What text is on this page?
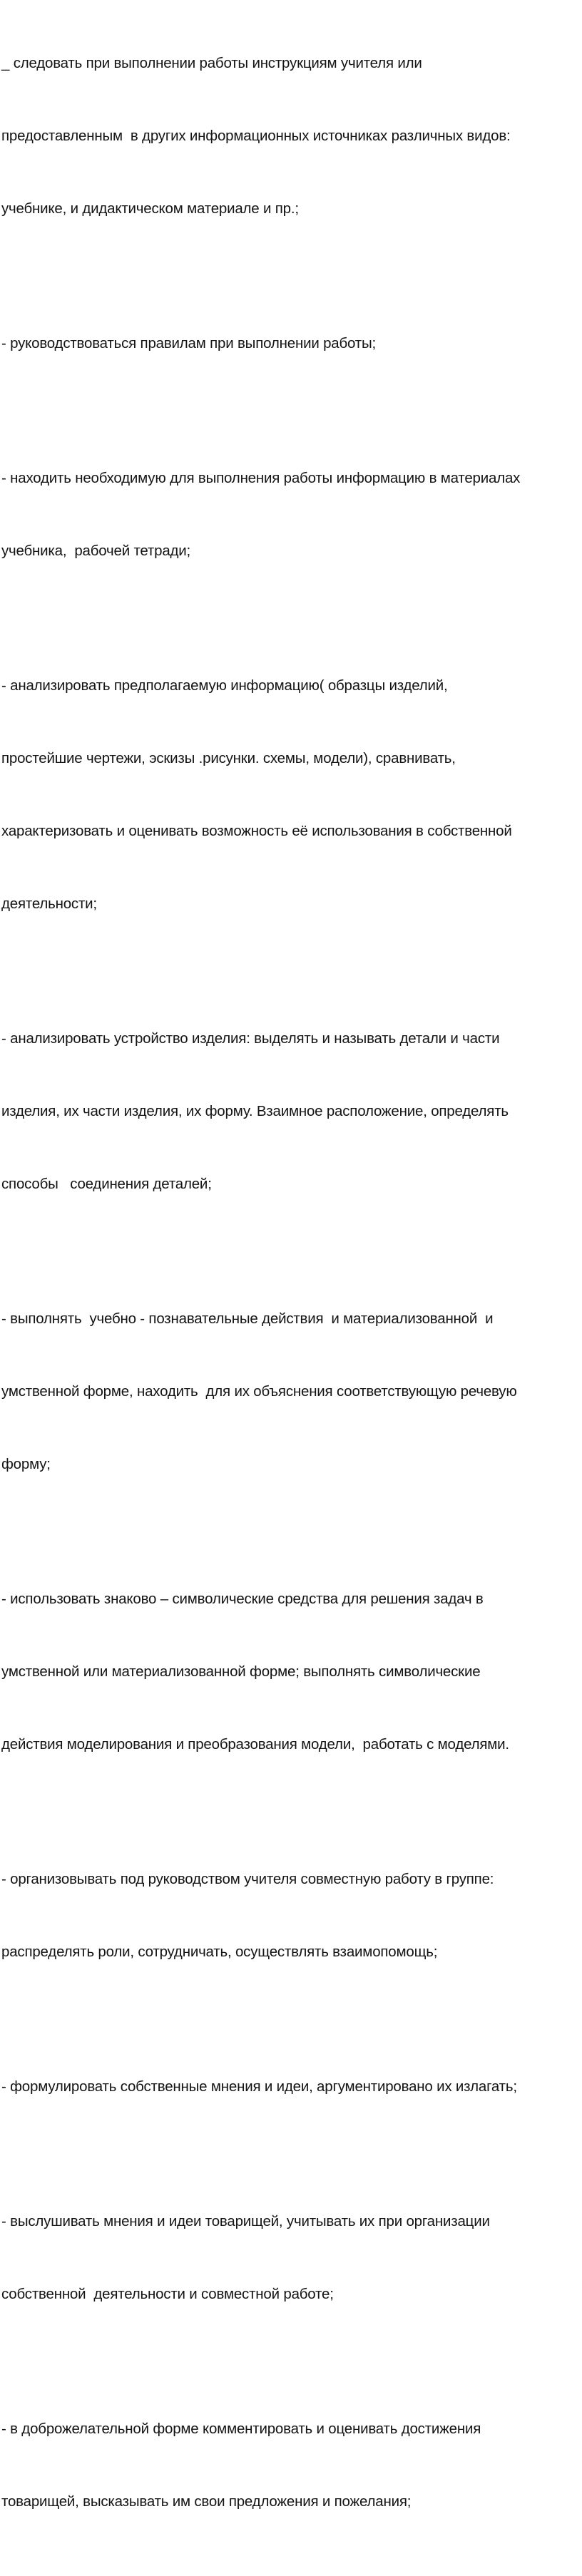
_ следовать при выполнении работы инструкциям учителя или

предоставленным  в других информационных источниках различных видов:

учебнике, и дидактическом материале и пр.;

- руководствоваться правилам при выполнении работы;

- находить необходимую для выполнения работы информацию в материалах

учебника,  рабочей тетради;

- анализировать предполагаемую информацию( образцы изделий,

простейшие чертежи, эскизы .рисунки. схемы, модели), сравнивать,

характеризовать и оценивать возможность её использования в собственной

деятельности;

- анализировать устройство изделия: выделять и называть детали и части

изделия, их части изделия, их форму. Взаимное расположение, определять

способы   соединения деталей;

- выполнять  учебно - познавательные действия  и материализованной  и

умственной форме, находить  для их объяснения соответствующую речевую

форму;

- использовать знаково – символические средства для решения задач в

умственной или материализованной форме; выполнять символические

действия моделирования и преобразования модели,  работать с моделями.

- организовывать под руководством учителя совместную работу в группе:

распределять роли, сотрудничать, осуществлять взаимопомощь;

- формулировать собственные мнения и идеи, аргументировано их излагать;

- выслушивать мнения и идеи товарищей, учитывать их при организации

собственной  деятельности и совместной работе;

- в доброжелательной форме комментировать и оценивать достижения

товарищей, высказывать им свои предложения и пожелания;
